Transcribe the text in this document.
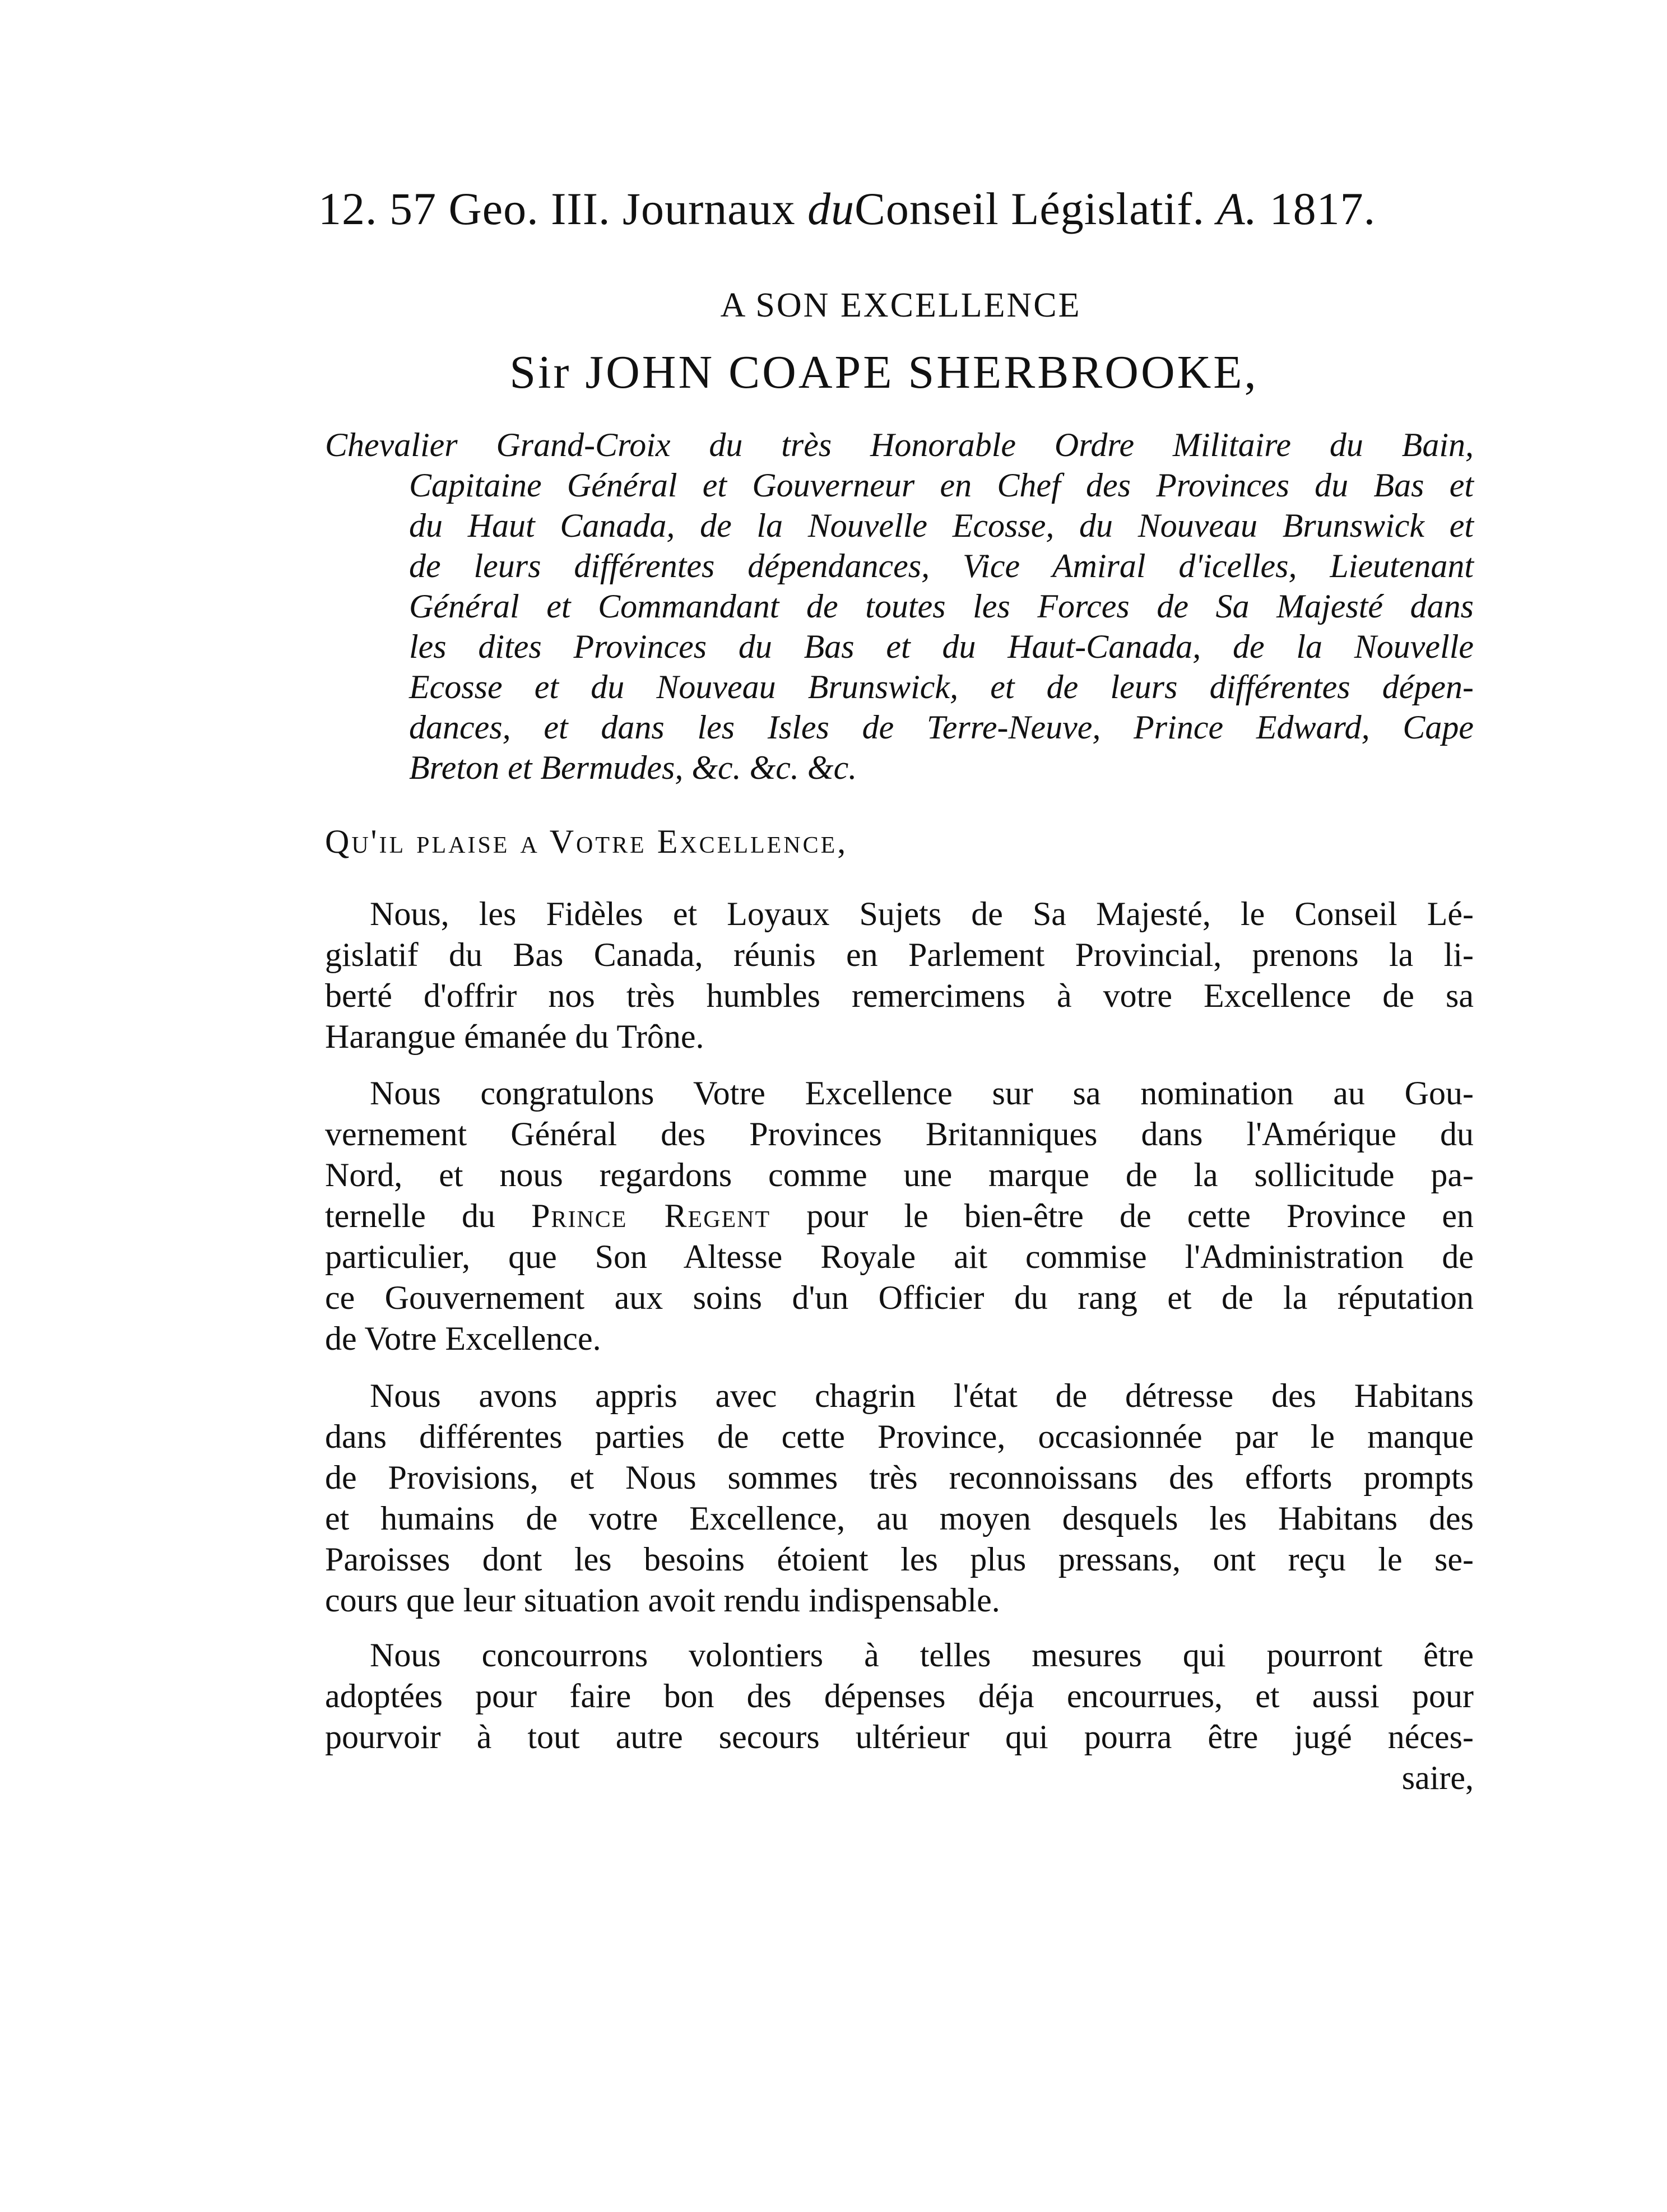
12. 57 Geo. III. Journaux duConseil Législatif. A. 1817.
A SON EXCELLENCE
Sir JOHN COAPE SHERBROOKE,
Chevalier Grand-Croix du très Honorable Ordre Militaire du Bain,
Capitaine Général et Gouverneur en Chef des Provinces du Bas et
du Haut Canada, de la Nouvelle Ecosse, du Nouveau Brunswick et
de leurs différentes dépendances, Vice Amiral d'icelles, Lieutenant
Général et Commandant de toutes les Forces de Sa Majesté dans
les dites Provinces du Bas et du Haut-Canada, de la Nouvelle
Ecosse et du Nouveau Brunswick, et de leurs différentes dépen-
dances, et dans les Isles de Terre-Neuve, Prince Edward, Cape
Breton et Bermudes, &c. &c. &c.
Qu'il plaise a Votre Excellence,
Nous, les Fidèles et Loyaux Sujets de Sa Majesté, le Conseil Lé-
gislatif du Bas Canada, réunis en Parlement Provincial, prenons la li-
berté d'offrir nos très humbles remercimens à votre Excellence de sa
Harangue émanée du Trône.
Nous congratulons Votre Excellence sur sa nomination au Gou-
vernement Général des Provinces Britanniques dans l'Amérique du
Nord, et nous regardons comme une marque de la sollicitude pa-
ternelle du Prince Regent pour le bien-être de cette Province en
particulier, que Son Altesse Royale ait commise l'Administration de
ce Gouvernement aux soins d'un Officier du rang et de la réputation
de Votre Excellence.
Nous avons appris avec chagrin l'état de détresse des Habitans
dans différentes parties de cette Province, occasionnée par le manque
de Provisions, et Nous sommes très reconnoissans des efforts prompts
et humains de votre Excellence, au moyen desquels les Habitans des
Paroisses dont les besoins étoient les plus pressans, ont reçu le se-
cours que leur situation avoit rendu indispensable.
Nous concourrons volontiers à telles mesures qui pourront être
adoptées pour faire bon des dépenses déja encourrues, et aussi pour
pourvoir à tout autre secours ultérieur qui pourra être jugé néces-
saire,
